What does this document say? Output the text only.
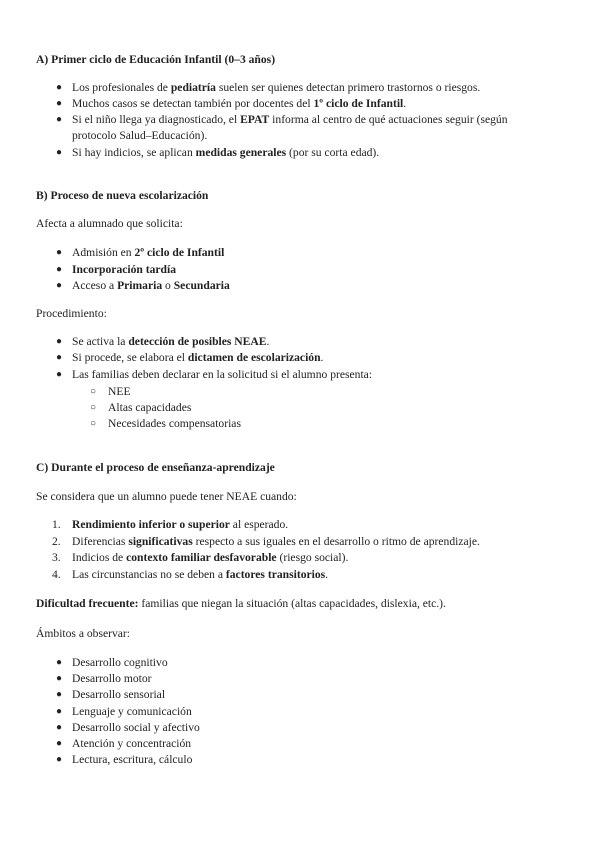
A) Primer ciclo de Educación Infantil (0–3 años)
● Los profesionales de pediatría suelen ser quienes detectan primero trastornos o riesgos.
● Muchos casos se detectan también por docentes del 1º ciclo de Infantil.
● Si el niño llega ya diagnosticado, el EPAT informa al centro de qué actuaciones seguir (según
protocolo Salud–Educación).
● Si hay indicios, se aplican medidas generales (por su corta edad).
B) Proceso de nueva escolarización
Afecta a alumnado que solicita:
● Admisión en 2º ciclo de Infantil
● Incorporación tardía
● Acceso a Primaria o Secundaria
Procedimiento:
● Se activa la detección de posibles NEAE.
● Si procede, se elabora el dictamen de escolarización.
● Las familias deben declarar en la solicitud si el alumno presenta:
○	NEE
○	Altas capacidades
○	Necesidades compensatorias
C) Durante el proceso de enseñanza-aprendizaje
Se considera que un alumno puede tener NEAE cuando:
1. Rendimiento inferior o superior al esperado.
2. Diferencias significativas respecto a sus iguales en el desarrollo o ritmo de aprendizaje.
3. Indicios de contexto familiar desfavorable (riesgo social).
4. Las circunstancias no se deben a factores transitorios.
Dificultad frecuente: familias que niegan la situación (altas capacidades, dislexia, etc.).
Ámbitos a observar:
● Desarrollo cognitivo
● Desarrollo motor
● Desarrollo sensorial
● Lenguaje y comunicación
● Desarrollo social y afectivo
● Atención y concentración
● Lectura, escritura, cálculo
